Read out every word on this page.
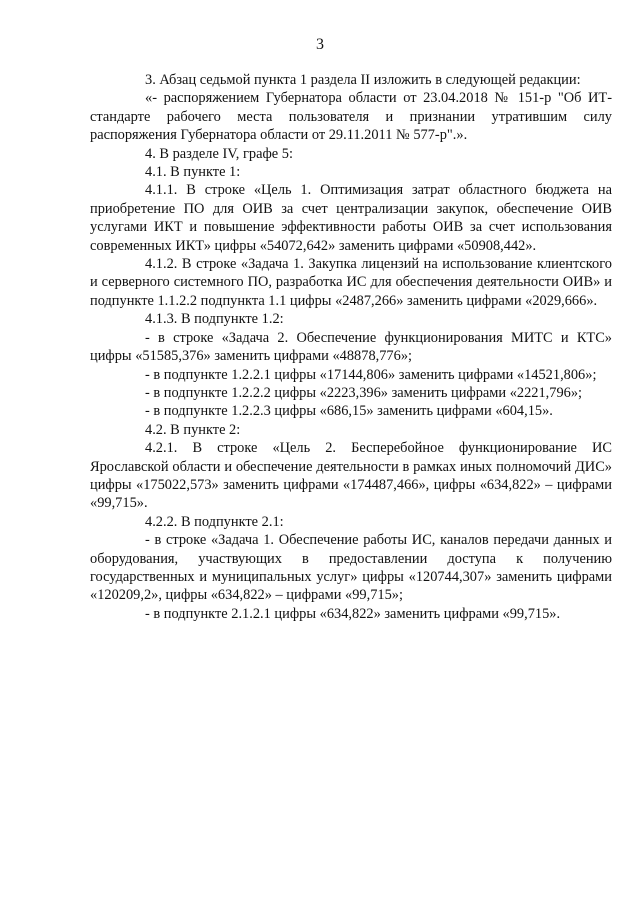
3

3. Абзац седьмой пункта 1 раздела II изложить в следующей редакции:

«- распоряжением Губернатора области от 23.04.2018 № 151-р "Об ИТ-стандарте рабочего места пользователя и признании утратившим силу распоряжения Губернатора области от 29.11.2011 № 577-р".».

4. В разделе IV, графе 5:

4.1. В пункте 1:

4.1.1. В строке «Цель 1. Оптимизация затрат областного бюджета на приобретение ПО для ОИВ за счет централизации закупок, обеспечение ОИВ услугами ИКТ и повышение эффективности работы ОИВ за счет использования современных ИКТ» цифры «54072,642» заменить цифрами «50908,442».

4.1.2. В строке «Задача 1. Закупка лицензий на использование клиентского и серверного системного ПО, разработка ИС для обеспечения деятельности ОИВ» и подпункте 1.1.2.2 подпункта 1.1 цифры «2487,266» заменить цифрами «2029,666».

4.1.3. В подпункте 1.2:

- в строке «Задача 2. Обеспечение функционирования МИТС и КТС» цифры «51585,376» заменить цифрами «48878,776»;

- в подпункте 1.2.2.1 цифры «17144,806» заменить цифрами «14521,806»;

- в подпункте 1.2.2.2 цифры «2223,396» заменить цифрами «2221,796»;

- в подпункте 1.2.2.3 цифры «686,15» заменить цифрами «604,15».

4.2. В пункте 2:

4.2.1. В строке «Цель 2. Бесперебойное функционирование ИС Ярославской области и обеспечение деятельности в рамках иных полномочий ДИС» цифры «175022,573» заменить цифрами «174487,466», цифры «634,822» – цифрами «99,715».

4.2.2. В подпункте 2.1:

- в строке «Задача 1. Обеспечение работы ИС, каналов передачи данных и оборудования, участвующих в предоставлении доступа к получению государственных и муниципальных услуг» цифры «120744,307» заменить цифрами «120209,2», цифры «634,822» – цифрами «99,715»;

- в подпункте 2.1.2.1 цифры «634,822» заменить цифрами «99,715».
